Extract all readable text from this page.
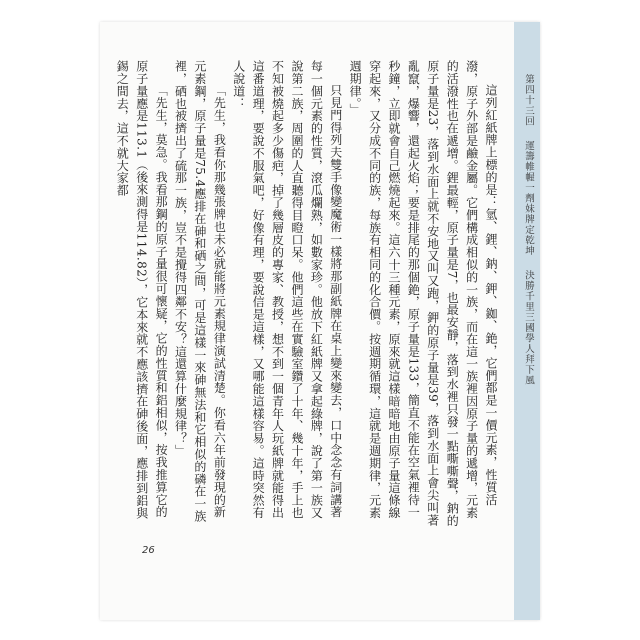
第四十三回運籌帷幄一劑妹牌定乾坤決勝千里三國學人拜下風

這列紅紙牌上標的是：氫、鋰、鈉、鉀、銣、銫，它們都是一價元素，性質活潑，原子外部是鹼金屬。它們構成相似的一族，而在這一族裡因原子量的遞增，元素的活潑性也在遞增。鋰最輕，原子量是7，也最安靜，落到水裡只發一點嘶嘶聲，鈉的原子量是23，落到水面上就不安地又叫又跑，鉀的原子量是39，落到水面上會尖叫著亂竄，爆響，還起火焰；要是排尾的那個銫，原子量是133，簡直不能在空氣裡待一秒鐘，立即就會自己燃燒起來。這六十三種元素，原來就這樣暗暗地由原子量這條線穿起來，又分成不同的族，每族有相同的化合價。按週期循環，這就是週期律，元素週期律。」

只見門得列夫雙手像變魔術一樣將那副紙牌在桌上變來變去，口中念念有詞講著每一個元素的性質，滾瓜爛熟，如數家珍。他放下紅紙牌又拿起綠牌，說了第一族又說第二族，周圍的人直聽得目瞪口呆。他們這些在實驗室鑽了十年、幾十年，手上也不知被燒起多少傷疤，掉了幾層皮的專家、教授，想不到一個青年人玩紙牌就能得出這番道理，要說不服氣吧，好像有理，要說信是這樣，又哪能這樣容易。這時突然有人說道：

「先生，我看你那幾張牌也未必就能將元素規律演試清楚。你看六年前發現的新元素鋼，原子量是75.4應排在砷和硒之間，可是這樣一來砷無法和它相似的磷在一族裡，硒也被擠出了硫那一族，豈不是攪得四鄰不安？這還算什麼規律？」

「先生，莫急。我看那鋼的原子量很可懷疑，它的性質和鋁相似，按我推算它的原子量應是113.1（後來測得是114.82），它本來就不應該擠在砷後面，應排到鋁與錫之間去，這不就大家都

26
